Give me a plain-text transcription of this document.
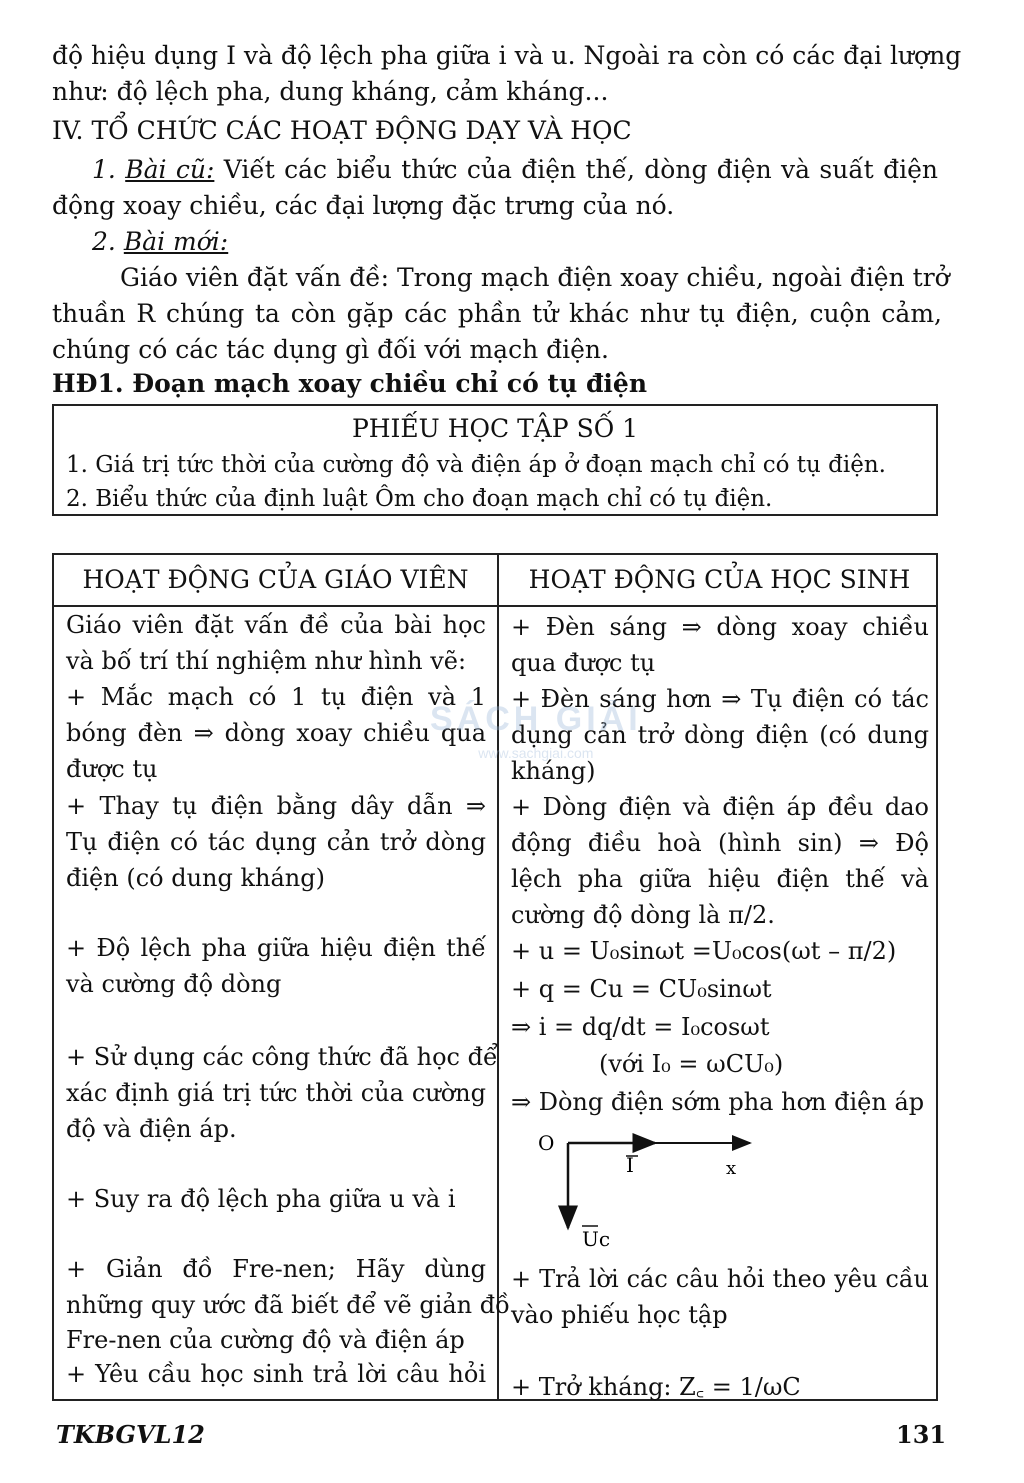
độ hiệu dụng I và độ lệch pha giữa i và u. Ngoài ra còn có các đại lượng
như: độ lệch pha, dung kháng, cảm kháng...
IV. TỔ CHỨC CÁC HOẠT ĐỘNG DẠY VÀ HỌC
1. Bài cũ: Viết các biểu thức của điện thế, dòng điện và suất điện
động xoay chiều, các đại lượng đặc trưng của nó.
2. Bài mới:
Giáo viên đặt vấn đề: Trong mạch điện xoay chiều, ngoài điện trở
thuần R chúng ta còn gặp các phần tử khác như tụ điện, cuộn cảm,
chúng có các tác dụng gì đối với mạch điện.
HĐ1. Đoạn mạch xoay chiều chỉ có tụ điện
PHIẾU HỌC TẬP SỐ 1
1. Giá trị tức thời của cường độ và điện áp ở đoạn mạch chỉ có tụ điện.
2. Biểu thức của định luật Ôm cho đoạn mạch chỉ có tụ điện.
HOẠT ĐỘNG CỦA GIÁO VIÊN	HOẠT ĐỘNG CỦA HỌC SINH
Giáo viên đặt vấn đề của bài học
và bố trí thí nghiệm như hình vẽ:
+ Mắc mạch có 1 tụ điện và 1
bóng đèn ⇒ dòng xoay chiều qua
được tụ
+ Thay tụ điện bằng dây dẫn ⇒
Tụ điện có tác dụng cản trở dòng
điện (có dung kháng)
+ Độ lệch pha giữa hiệu điện thế
và cường độ dòng
+ Sử dụng các công thức đã học để
xác định giá trị tức thời của cường
độ và điện áp.
+ Suy ra độ lệch pha giữa u và i
+ Giản đồ Fre-nen; Hãy dùng
những quy ước đã biết để vẽ giản đồ
Fre-nen của cường độ và điện áp
+ Yêu cầu học sinh trả lời câu hỏi
+ Đèn sáng ⇒ dòng xoay chiều
qua được tụ
+ Đèn sáng hơn ⇒ Tụ điện có tác
dụng cản trở dòng điện (có dung
kháng)
+ Dòng điện và điện áp đều dao
động điều hoà (hình sin) ⇒ Độ
lệch pha giữa hiệu điện thế và
cường độ dòng là π/2.
+ u = U₀sinωt =U₀cos(ωt – π/2)
+ q = Cu = CU₀sinωt
⇒ i = dq/dt = I₀cosωt
(với I₀ = ωCU₀)
⇒ Dòng điện sớm pha hơn điện áp
+ Trả lời các câu hỏi theo yêu cầu
vào phiếu học tập
+ Trở kháng: Z꜀ = 1/ωC
O
I	x
Uc
SÁCH GIẢI
www.sachgiai.com
TKBGVL12	131
